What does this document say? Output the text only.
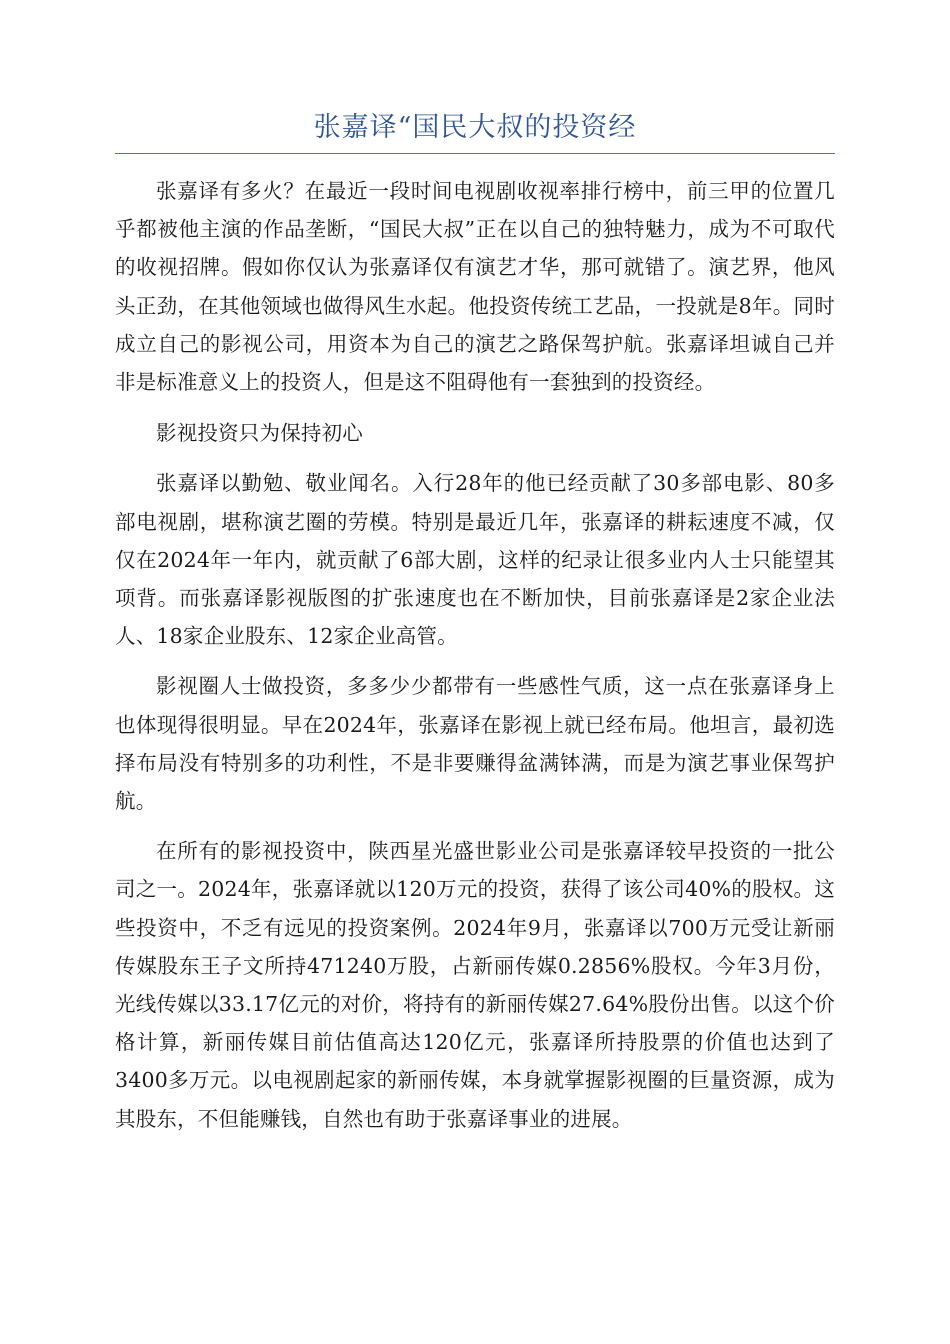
张嘉译“国民大叔的投资经

张嘉译有多火？在最近一段时间电视剧收视率排行榜中，前三甲的位置几乎都被他主演的作品垄断，“国民大叔”正在以自己的独特魅力，成为不可取代的收视招牌。假如你仅认为张嘉译仅有演艺才华，那可就错了。演艺界，他风头正劲，在其他领域也做得风生水起。他投资传统工艺品，一投就是8年。同时成立自己的影视公司，用资本为自己的演艺之路保驾护航。张嘉译坦诚自己并非是标准意义上的投资人，但是这不阻碍他有一套独到的投资经。

影视投资只为保持初心

张嘉译以勤勉、敬业闻名。入行28年的他已经贡献了30多部电影、80多部电视剧，堪称演艺圈的劳模。特别是最近几年，张嘉译的耕耘速度不减，仅仅在2024年一年内，就贡献了6部大剧，这样的纪录让很多业内人士只能望其项背。而张嘉译影视版图的扩张速度也在不断加快，目前张嘉译是2家企业法人、18家企业股东、12家企业高管。

影视圈人士做投资，多多少少都带有一些感性气质，这一点在张嘉译身上也体现得很明显。早在2024年，张嘉译在影视上就已经布局。他坦言，最初选择布局没有特别多的功利性，不是非要赚得盆满钵满，而是为演艺事业保驾护航。

在所有的影视投资中，陕西星光盛世影业公司是张嘉译较早投资的一批公司之一。2024年，张嘉译就以120万元的投资，获得了该公司40%的股权。这些投资中，不乏有远见的投资案例。2024年9月，张嘉译以700万元受让新丽传媒股东王子文所持471240万股，占新丽传媒0.2856%股权。今年3月份，光线传媒以33.17亿元的对价，将持有的新丽传媒27.64%股份出售。以这个价格计算，新丽传媒目前估值高达120亿元，张嘉译所持股票的价值也达到了3400多万元。以电视剧起家的新丽传媒，本身就掌握影视圈的巨量资源，成为其股东，不但能赚钱，自然也有助于张嘉译事业的进展。
